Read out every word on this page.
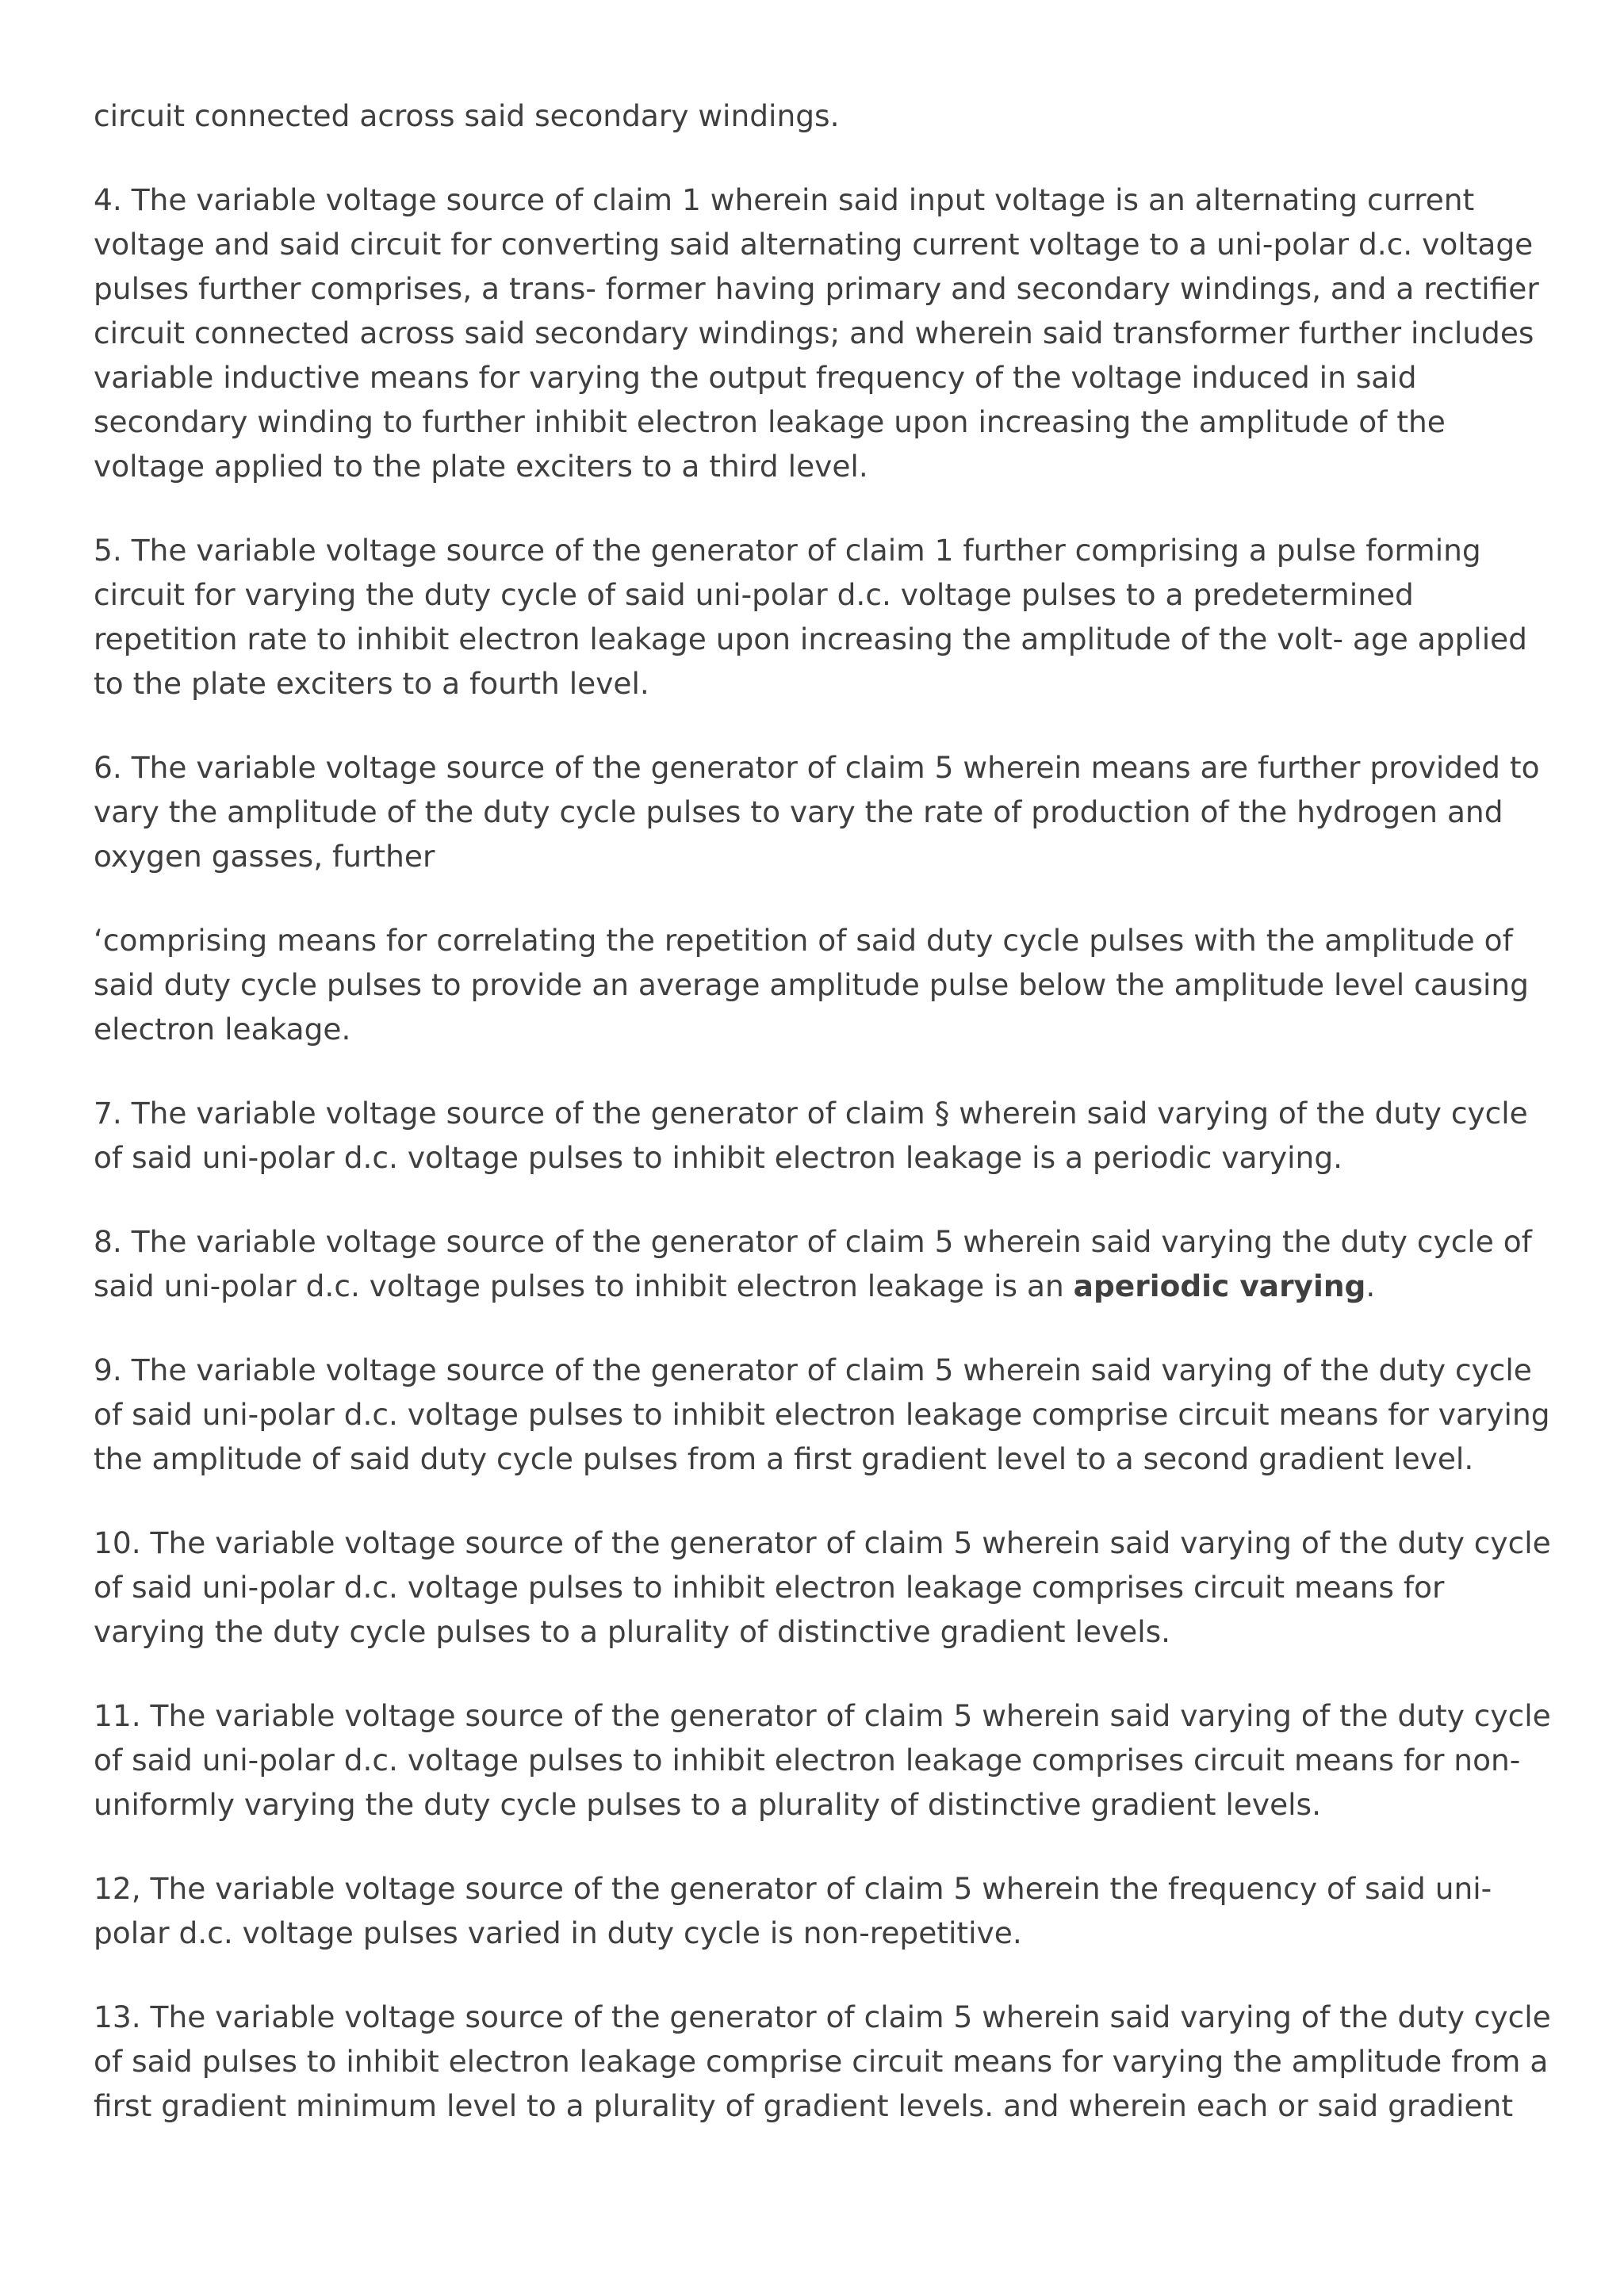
circuit connected across said secondary windings.

4. The variable voltage source of claim 1 wherein said input voltage is an alternating current voltage and said circuit for converting said alternating current voltage to a uni-polar d.c. voltage pulses further comprises, a trans- former having primary and secondary windings, and a rectifier circuit connected across said secondary windings; and wherein said transformer further includes variable inductive means for varying the output frequency of the voltage induced in said secondary winding to further inhibit electron leakage upon increasing the amplitude of the voltage applied to the plate exciters to a third level.

5. The variable voltage source of the generator of claim 1 further comprising a pulse forming circuit for varying the duty cycle of said uni-polar d.c. voltage pulses to a predetermined repetition rate to inhibit electron leakage upon increasing the amplitude of the volt- age applied to the plate exciters to a fourth level.

6. The variable voltage source of the generator of claim 5 wherein means are further provided to vary the amplitude of the duty cycle pulses to vary the rate of production of the hydrogen and oxygen gasses, further

‘comprising means for correlating the repetition of said duty cycle pulses with the amplitude of said duty cycle pulses to provide an average amplitude pulse below the amplitude level causing electron leakage.

7. The variable voltage source of the generator of claim § wherein said varying of the duty cycle of said uni-polar d.c. voltage pulses to inhibit electron leakage is a periodic varying.

8. The variable voltage source of the generator of claim 5 wherein said varying the duty cycle of said uni-polar d.c. voltage pulses to inhibit electron leakage is an aperiodic varying.

9. The variable voltage source of the generator of claim 5 wherein said varying of the duty cycle of said uni-polar d.c. voltage pulses to inhibit electron leakage comprise circuit means for varying the amplitude of said duty cycle pulses from a first gradient level to a second gradient level.

10. The variable voltage source of the generator of claim 5 wherein said varying of the duty cycle of said uni-polar d.c. voltage pulses to inhibit electron leakage comprises circuit means for varying the duty cycle pulses to a plurality of distinctive gradient levels.

11. The variable voltage source of the generator of claim 5 wherein said varying of the duty cycle of said uni-polar d.c. voltage pulses to inhibit electron leakage comprises circuit means for non-uniformly varying the duty cycle pulses to a plurality of distinctive gradient levels.

12, The variable voltage source of the generator of claim 5 wherein the frequency of said uni-polar d.c. voltage pulses varied in duty cycle is non-repetitive.

13. The variable voltage source of the generator of claim 5 wherein said varying of the duty cycle of said pulses to inhibit electron leakage comprise circuit means for varying the amplitude from a first gradient minimum level to a plurality of gradient levels. and wherein each or said gradient
